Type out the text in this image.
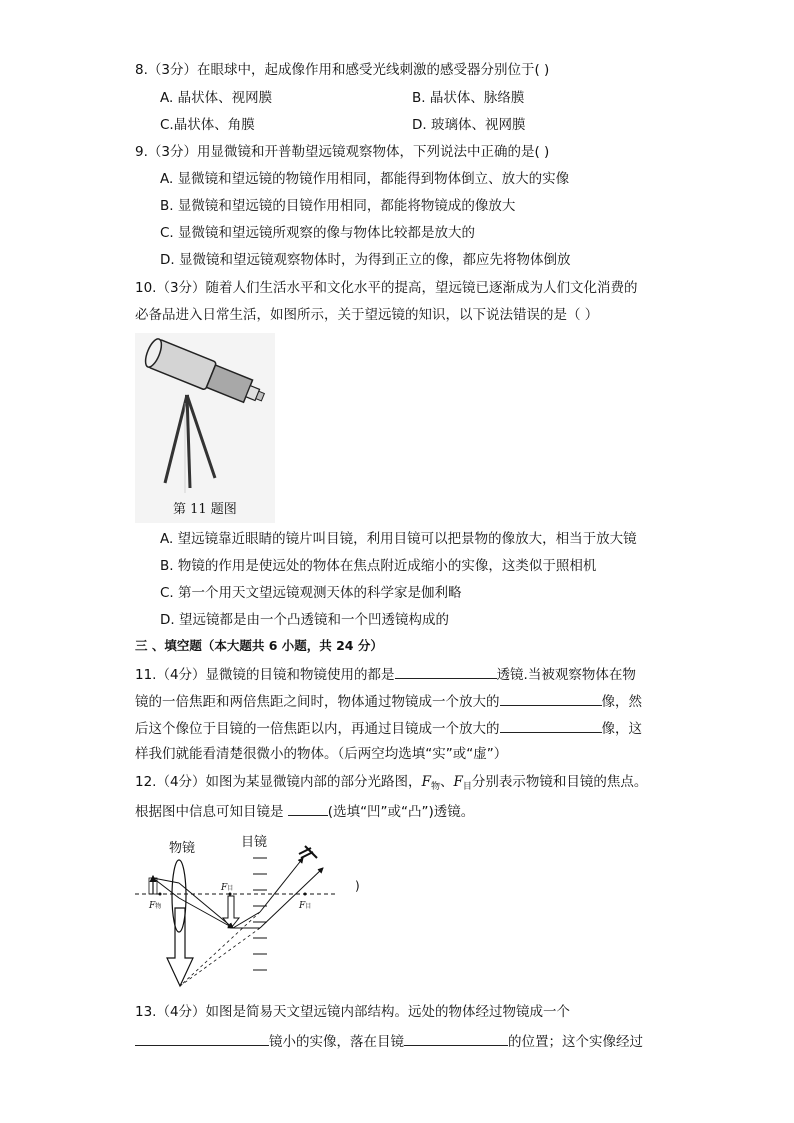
8.（3分）在眼球中，起成像作用和感受光线刺激的感受器分别位于( )
A. 晶状体、视网膜	B. 晶状体、脉络膜
C.晶状体、角膜	D. 玻璃体、视网膜
9.（3分）用显微镜和开普勒望远镜观察物体，下列说法中正确的是( )
A. 显微镜和望远镜的物镜作用相同，都能得到物体倒立、放大的实像
B. 显微镜和望远镜的目镜作用相同，都能将物镜成的像放大
C. 显微镜和望远镜所观察的像与物体比较都是放大的
D. 显微镜和望远镜观察物体时，为得到正立的像，都应先将物体倒放
10.（3分）随着人们生活水平和文化水平的提高，望远镜已逐渐成为人们文化消费的
必备品进入日常生活，如图所示，关于望远镜的知识，以下说法错误的是（ ）
第 11 题图
A. 望远镜靠近眼睛的镜片叫目镜，利用目镜可以把景物的像放大，相当于放大镜
B. 物镜的作用是使远处的物体在焦点附近成缩小的实像，这类似于照相机
C. 第一个用天文望远镜观测天体的科学家是伽利略
D. 望远镜都是由一个凸透镜和一个凹透镜构成的
三 、填空题（本大题共 6 小题，共 24 分）
11.（4分）显微镜的目镜和物镜使用的都是	透镜.当被观察物体在物
镜的一倍焦距和两倍焦距之间时，物体通过物镜成一个放大的	像，然
后这个像位于目镜的一倍焦距以内，再通过目镜成一个放大的	像，这
样我们就能看清楚很微小的物体。（后两空均选填“实”或“虚”）
12.（4分）如图为某显微镜内部的部分光路图，$F_物$、$F_目$分别表示物镜和目镜的焦点。
根据图中信息可知目镜是	(选填“凹”或“凸”)透镜。
物镜	目镜
F物
F目
F目
)
13.（4分）如图是简易天文望远镜内部结构。远处的物体经过物镜成一个
镜小的实像，落在目镜	的位置；这个实像经过
